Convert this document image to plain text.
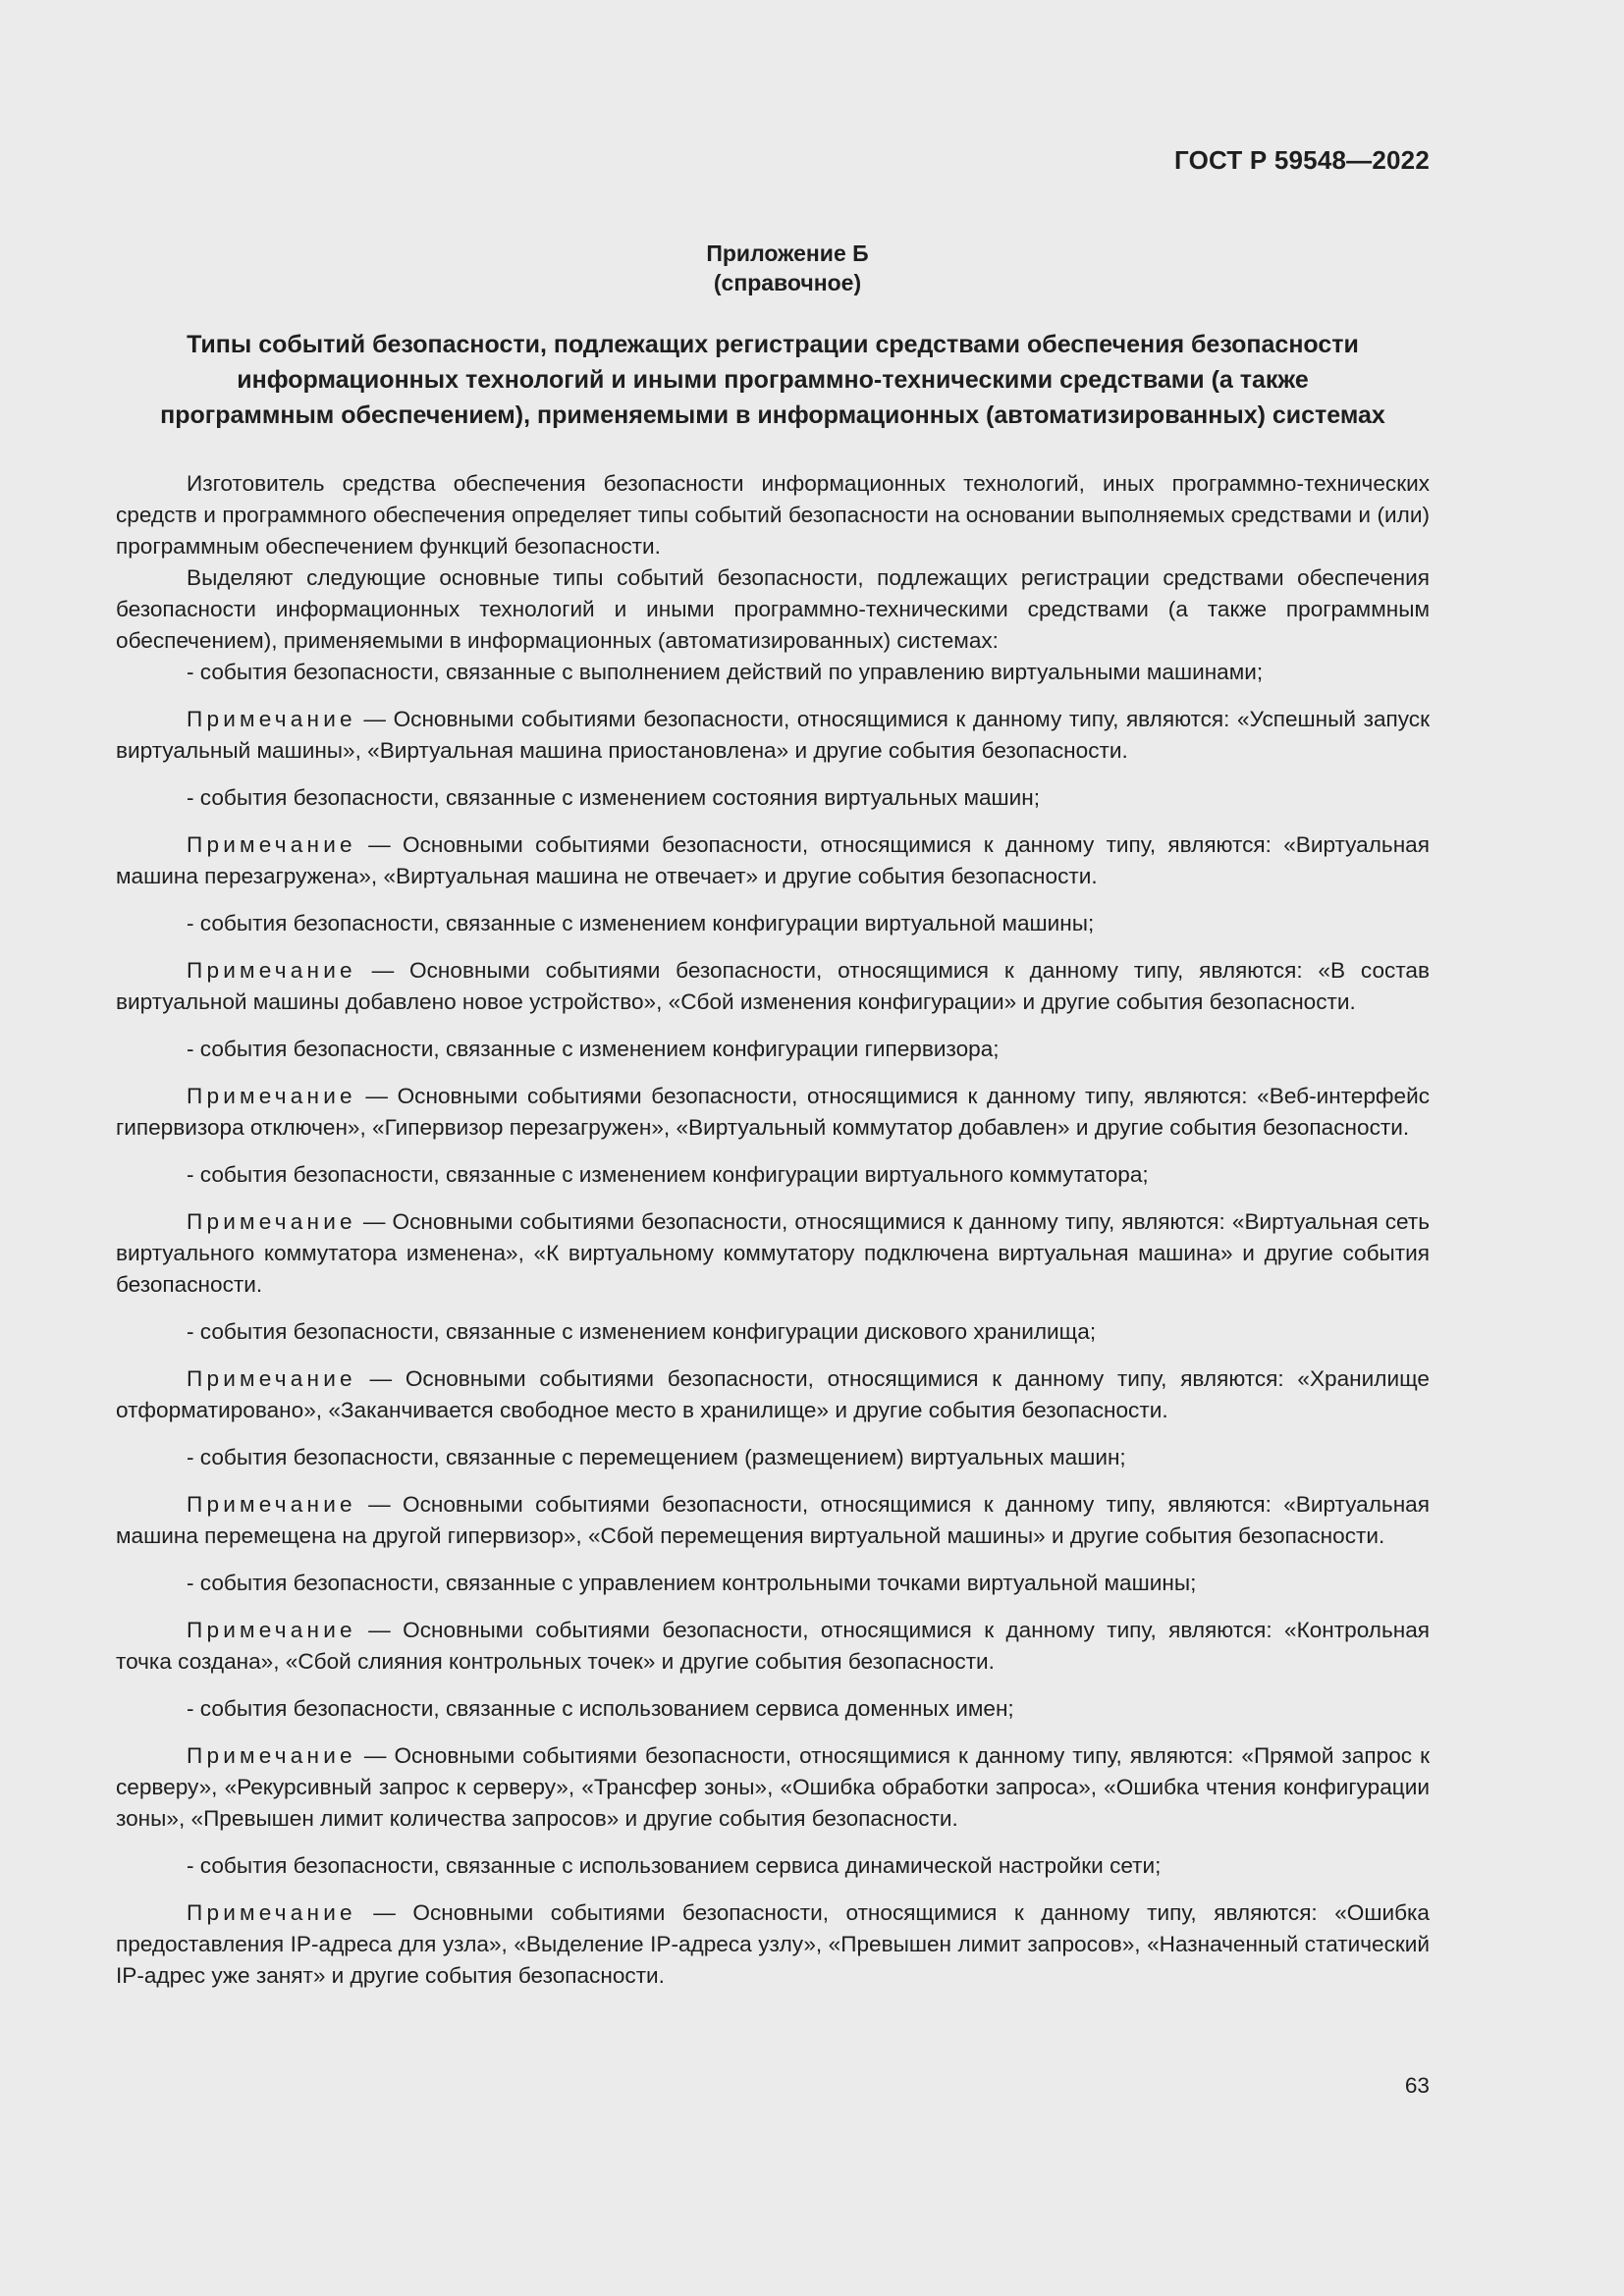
ГОСТ Р 59548—2022
Приложение Б
(справочное)
Типы событий безопасности, подлежащих регистрации средствами обеспечения безопасности информационных технологий и иными программно-техническими средствами (а также программным обеспечением), применяемыми в информационных (автоматизированных) системах

Изготовитель средства обеспечения безопасности информационных технологий, иных программно-технических средств и программного обеспечения определяет типы событий безопасности на основании выполняемых средствами и (или) программным обеспечением функций безопасности.

Выделяют следующие основные типы событий безопасности, подлежащих регистрации средствами обеспечения безопасности информационных технологий и иными программно-техническими средствами (а также программным обеспечением), применяемыми в информационных (автоматизированных) системах:

- события безопасности, связанные с выполнением действий по управлению виртуальными машинами;

Примечание — Основными событиями безопасности, относящимися к данному типу, являются: «Успешный запуск виртуальный машины», «Виртуальная машина приостановлена» и другие события безопасности.

- события безопасности, связанные с изменением состояния виртуальных машин;

Примечание — Основными событиями безопасности, относящимися к данному типу, являются: «Виртуальная машина перезагружена», «Виртуальная машина не отвечает» и другие события безопасности.

- события безопасности, связанные с изменением конфигурации виртуальной машины;

Примечание — Основными событиями безопасности, относящимися к данному типу, являются: «В состав виртуальной машины добавлено новое устройство», «Сбой изменения конфигурации» и другие события безопасности.

- события безопасности, связанные с изменением конфигурации гипервизора;

Примечание — Основными событиями безопасности, относящимися к данному типу, являются: «Веб-интерфейс гипервизора отключен», «Гипервизор перезагружен», «Виртуальный коммутатор добавлен» и другие события безопасности.

- события безопасности, связанные с изменением конфигурации виртуального коммутатора;

Примечание — Основными событиями безопасности, относящимися к данному типу, являются: «Виртуальная сеть виртуального коммутатора изменена», «К виртуальному коммутатору подключена виртуальная машина» и другие события безопасности.

- события безопасности, связанные с изменением конфигурации дискового хранилища;

Примечание — Основными событиями безопасности, относящимися к данному типу, являются: «Хранилище отформатировано», «Заканчивается свободное место в хранилище» и другие события безопасности.

- события безопасности, связанные с перемещением (размещением) виртуальных машин;

Примечание — Основными событиями безопасности, относящимися к данному типу, являются: «Виртуальная машина перемещена на другой гипервизор», «Сбой перемещения виртуальной машины» и другие события безопасности.

- события безопасности, связанные с управлением контрольными точками виртуальной машины;

Примечание — Основными событиями безопасности, относящимися к данному типу, являются: «Контрольная точка создана», «Сбой слияния контрольных точек» и другие события безопасности.

- события безопасности, связанные с использованием сервиса доменных имен;

Примечание — Основными событиями безопасности, относящимися к данному типу, являются: «Прямой запрос к серверу», «Рекурсивный запрос к серверу», «Трансфер зоны», «Ошибка обработки запроса», «Ошибка чтения конфигурации зоны», «Превышен лимит количества запросов» и другие события безопасности.

- события безопасности, связанные с использованием сервиса динамической настройки сети;

Примечание — Основными событиями безопасности, относящимися к данному типу, являются: «Ошибка предоставления IP-адреса для узла», «Выделение IP-адреса узлу», «Превышен лимит запросов», «Назначенный статический IP-адрес уже занят» и другие события безопасности.

63
